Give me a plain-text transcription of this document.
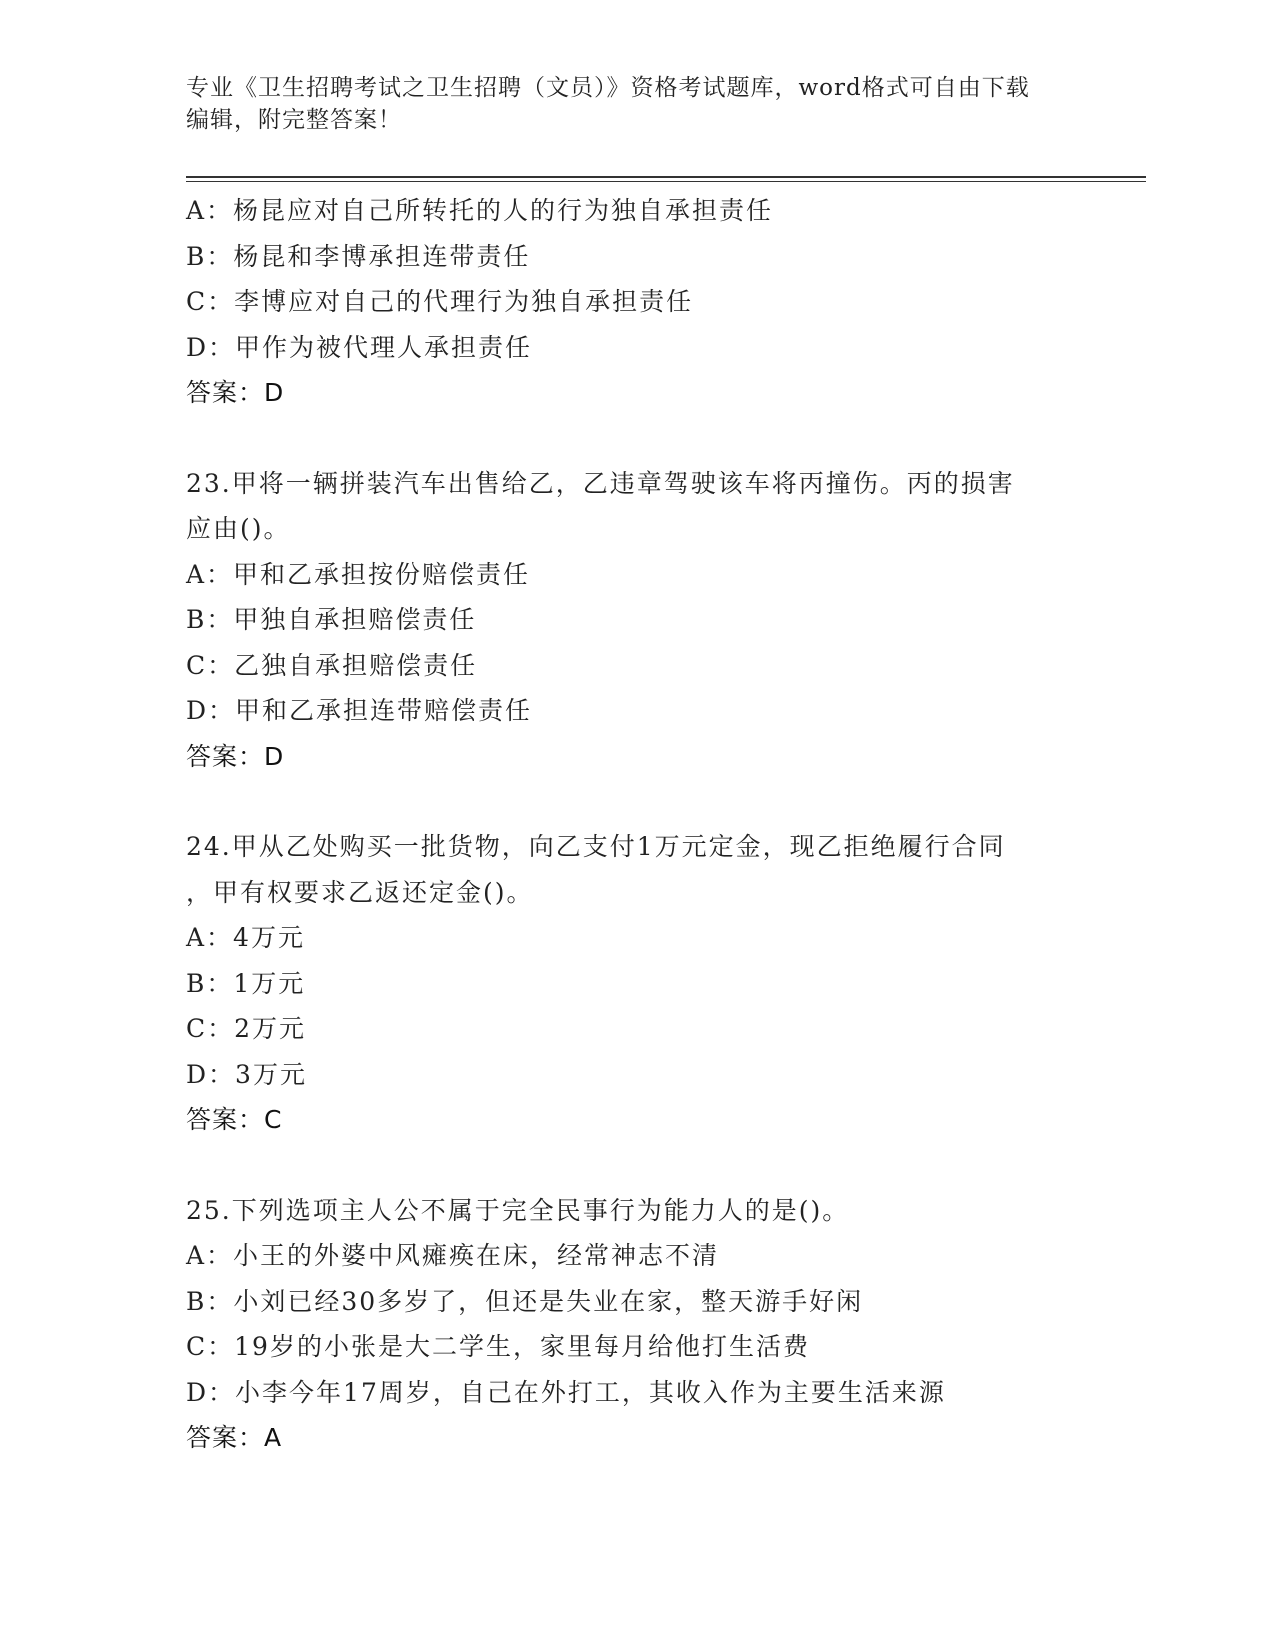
专业《卫生招聘考试之卫生招聘（文员）》资格考试题库，word格式可自由下载
编辑，附完整答案！
A：杨昆应对自己所转托的人的行为独自承担责任
B：杨昆和李博承担连带责任
C：李博应对自己的代理行为独自承担责任
D：甲作为被代理人承担责任
答案：D
23.甲将一辆拼装汽车出售给乙，乙违章驾驶该车将丙撞伤。丙的损害
应由()。
A：甲和乙承担按份赔偿责任
B：甲独自承担赔偿责任
C：乙独自承担赔偿责任
D：甲和乙承担连带赔偿责任
答案：D
24.甲从乙处购买一批货物，向乙支付1万元定金，现乙拒绝履行合同
，甲有权要求乙返还定金()。
A：4万元
B：1万元
C：2万元
D：3万元
答案：C
25.下列选项主人公不属于完全民事行为能力人的是()。
A：小王的外婆中风瘫痪在床，经常神志不清
B：小刘已经30多岁了，但还是失业在家，整天游手好闲
C：19岁的小张是大二学生，家里每月给他打生活费
D：小李今年17周岁，自己在外打工，其收入作为主要生活来源
答案：A
